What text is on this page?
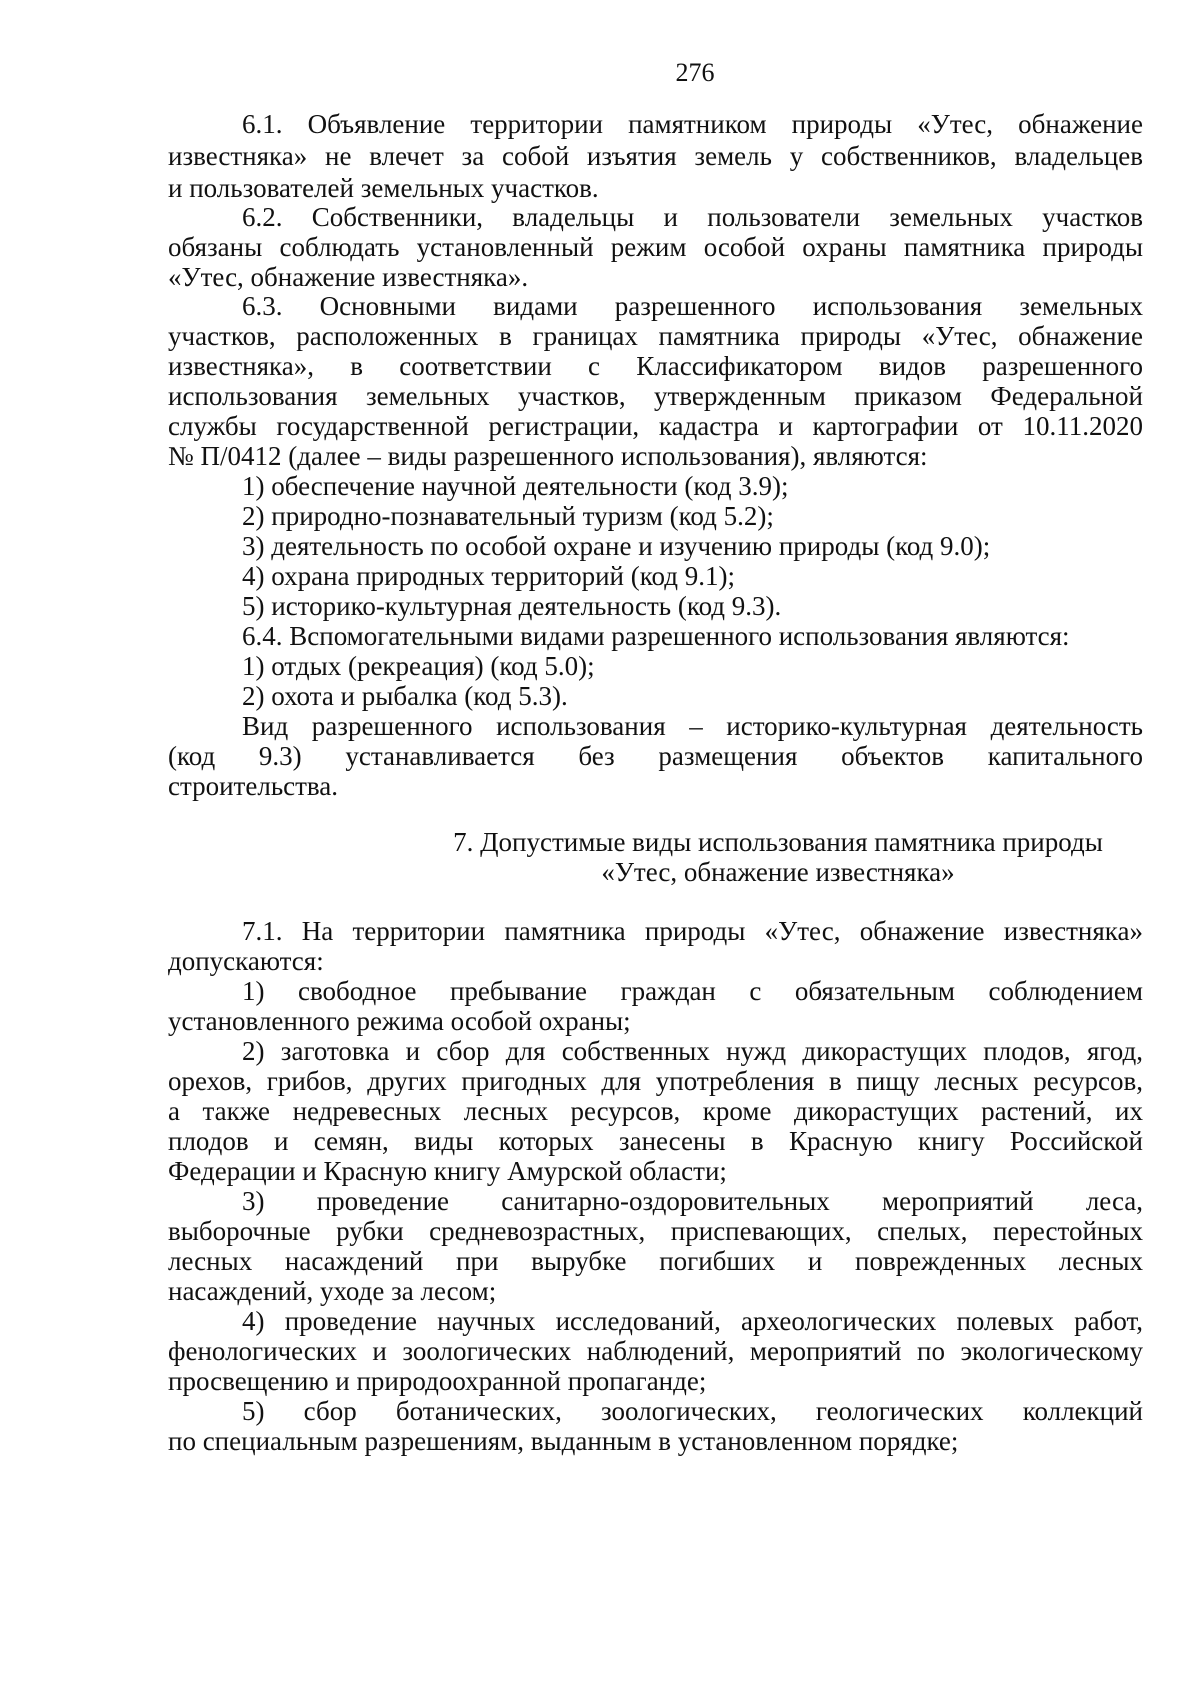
276
6.1. Объявление территории памятником природы «Утес, обнажение
известняка» не влечет за собой изъятия земель у собственников, владельцев
и пользователей земельных участков.
6.2. Собственники, владельцы и пользователи земельных участков
обязаны соблюдать установленный режим особой охраны памятника природы
«Утес, обнажение известняка».
6.3. Основными видами разрешенного использования земельных
участков, расположенных в границах памятника природы «Утес, обнажение
известняка», в соответствии с Классификатором видов разрешенного
использования земельных участков, утвержденным приказом Федеральной
службы государственной регистрации, кадастра и картографии от 10.11.2020
№ П/0412 (далее – виды разрешенного использования), являются:
1) обеспечение научной деятельности (код 3.9);
2) природно-познавательный туризм (код 5.2);
3) деятельность по особой охране и изучению природы (код 9.0);
4) охрана природных территорий (код 9.1);
5) историко-культурная деятельность (код 9.3).
6.4. Вспомогательными видами разрешенного использования являются:
1) отдых (рекреация) (код 5.0);
2) охота и рыбалка (код 5.3).
Вид разрешенного использования – историко-культурная деятельность
(код 9.3) устанавливается без размещения объектов капитального
строительства.
7. Допустимые виды использования памятника природы
«Утес, обнажение известняка»
7.1. На территории памятника природы «Утес, обнажение известняка»
допускаются:
1) свободное пребывание граждан с обязательным соблюдением
установленного режима особой охраны;
2) заготовка и сбор для собственных нужд дикорастущих плодов, ягод,
орехов, грибов, других пригодных для употребления в пищу лесных ресурсов,
а также недревесных лесных ресурсов, кроме дикорастущих растений, их
плодов и семян, виды которых занесены в Красную книгу Российской
Федерации и Красную книгу Амурской области;
3) проведение санитарно-оздоровительных мероприятий леса,
выборочные рубки средневозрастных, приспевающих, спелых, перестойных
лесных насаждений при вырубке погибших и поврежденных лесных
насаждений, уходе за лесом;
4) проведение научных исследований, археологических полевых работ,
фенологических и зоологических наблюдений, мероприятий по экологическому
просвещению и природоохранной пропаганде;
5) сбор ботанических, зоологических, геологических коллекций
по специальным разрешениям, выданным в установленном порядке;
